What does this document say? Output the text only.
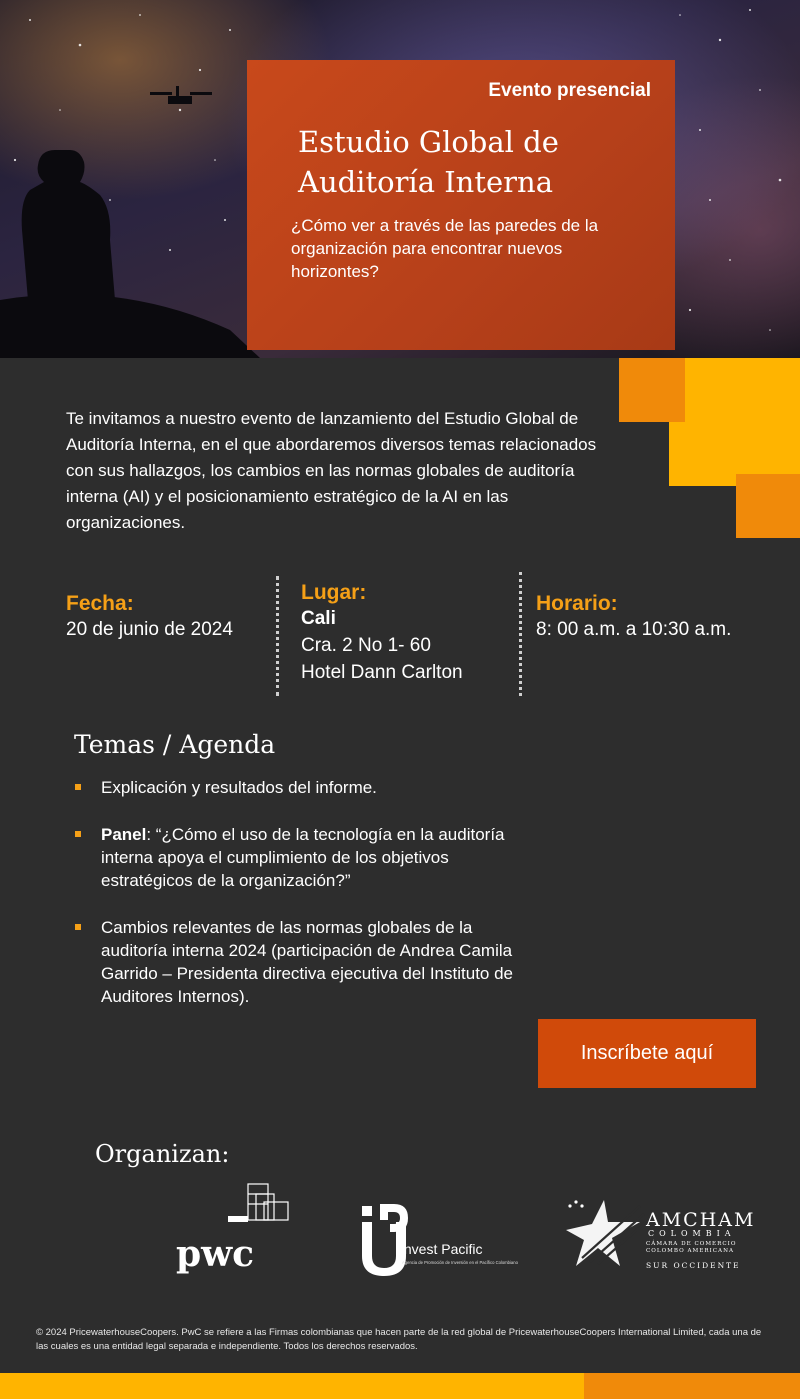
Evento presencial
Estudio Global de Auditoría Interna
¿Cómo ver a través de las paredes de la organización para encontrar nuevos horizontes?

Te invitamos a nuestro evento de lanzamiento del Estudio Global de Auditoría Interna, en el que abordaremos diversos temas relacionados con sus hallazgos, los cambios en las normas globales de auditoría interna (AI) y el posicionamiento estratégico de la AI en las organizaciones.

Fecha:
20 de junio de 2024
Lugar:
Cali
Cra. 2 No 1- 60
Hotel Dann Carlton
Horario:
8: 00 a.m. a 10:30 a.m.
Temas / Agenda
Explicación y resultados del informe.
Panel: “¿Cómo el uso de la tecnología en la auditoría interna apoya el cumplimiento de los objetivos estratégicos de la organización?”
Cambios relevantes de las normas globales de la auditoría interna 2024 (participación de Andrea Camila Garrido – Presidenta directiva ejecutiva del Instituto de Auditores Internos).
Inscríbete aquí
Organizan:
pwc	Invest Pacific
Agencia de Promoción de Inversión en el Pacífico Colombiano
AMCHAM
COLOMBIA
CÁMARA DE COMERCIO
COLOMBO AMERICANA
SUR OCCIDENTE

© 2024 PricewaterhouseCoopers. PwC se refiere a las Firmas colombianas que hacen parte de la red global de PricewaterhouseCoopers International Limited, cada una de las cuales es una entidad legal separada e independiente. Todos los derechos reservados.
